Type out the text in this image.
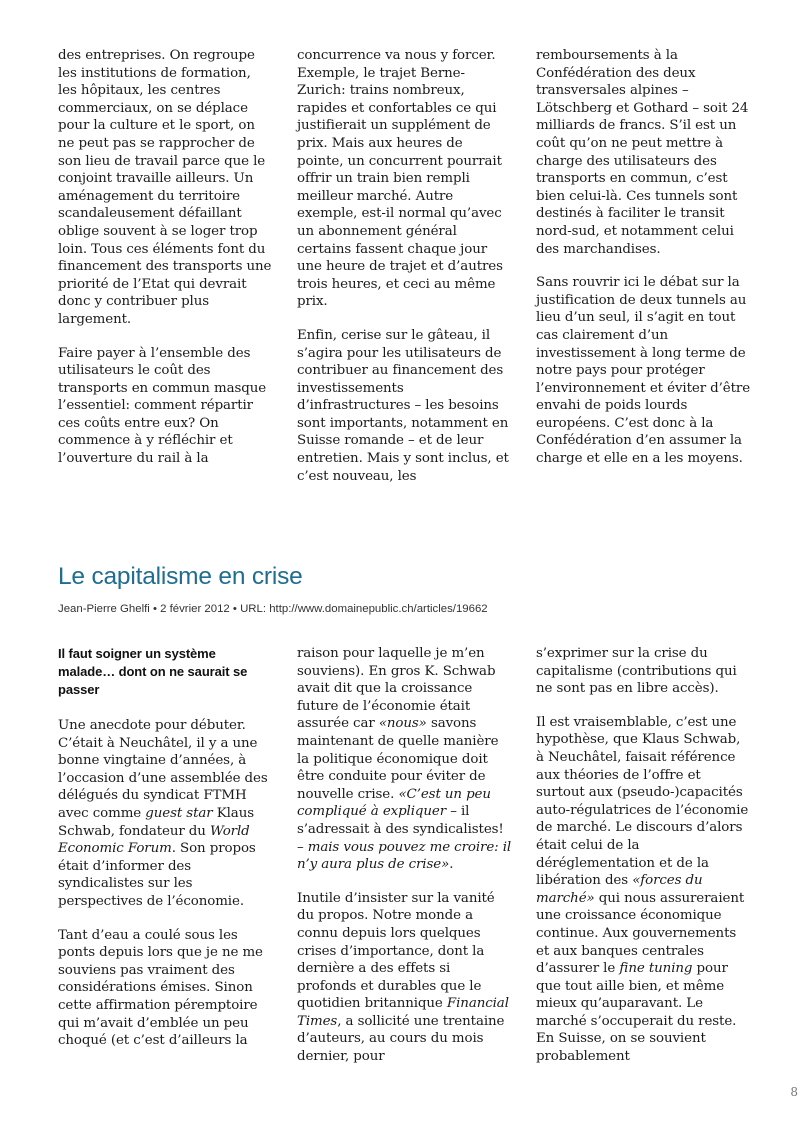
des entreprises. On regroupe les institutions de formation, les hôpitaux, les centres commerciaux, on se déplace pour la culture et le sport, on ne peut pas se rapprocher de son lieu de travail parce que le conjoint travaille ailleurs. Un aménagement du territoire scandaleusement défaillant oblige souvent à se loger trop loin. Tous ces éléments font du financement des transports une priorité de l’Etat qui devrait donc y contribuer plus largement.

Faire payer à l’ensemble des utilisateurs le coût des transports en commun masque l’essentiel: comment répartir ces coûts entre eux? On commence à y réfléchir et l’ouverture du rail à la

concurrence va nous y forcer. Exemple, le trajet Berne-Zurich: trains nombreux, rapides et confortables ce qui justifierait un supplément de prix. Mais aux heures de pointe, un concurrent pourrait offrir un train bien rempli meilleur marché. Autre exemple, est-il normal qu’avec un abonnement général certains fassent chaque jour une heure de trajet et d’autres trois heures, et ceci au même prix.

Enfin, cerise sur le gâteau, il s’agira pour les utilisateurs de contribuer au financement des investissements d’infrastructures – les besoins sont importants, notamment en Suisse romande – et de leur entretien. Mais y sont inclus, et c’est nouveau, les

remboursements à la Confédération des deux transversales alpines – Lötschberg et Gothard – soit 24 milliards de francs. S’il est un coût qu’on ne peut mettre à charge des utilisateurs des transports en commun, c’est bien celui-là. Ces tunnels sont destinés à faciliter le transit nord-sud, et notamment celui des marchandises.

Sans rouvrir ici le débat sur la justification de deux tunnels au lieu d’un seul, il s’agit en tout cas clairement d’un investissement à long terme de notre pays pour protéger l’environnement et éviter d’être envahi de poids lourds européens. C’est donc à la Confédération d’en assumer la charge et elle en a les moyens.

Le capitalisme en crise
Jean-Pierre Ghelfi • 2 février 2012 • URL: http://www.domainepublic.ch/articles/19662

Il faut soigner un système malade… dont on ne saurait se passer

Une anecdote pour débuter. C’était à Neuchâtel, il y a une bonne vingtaine d’années, à l’occasion d’une assemblée des délégués du syndicat FTMH avec comme guest star Klaus Schwab, fondateur du World Economic Forum. Son propos était d’informer des syndicalistes sur les perspectives de l’économie.

Tant d’eau a coulé sous les ponts depuis lors que je ne me souviens pas vraiment des considérations émises. Sinon cette affirmation péremptoire qui m’avait d’emblée un peu choqué (et c’est d’ailleurs la

raison pour laquelle je m’en souviens). En gros K. Schwab avait dit que la croissance future de l’économie était assurée car «nous» savons maintenant de quelle manière la politique économique doit être conduite pour éviter de nouvelle crise. «C’est un peu compliqué à expliquer – il s’adressait à des syndicalistes! – mais vous pouvez me croire: il n’y aura plus de crise».

Inutile d’insister sur la vanité du propos. Notre monde a connu depuis lors quelques crises d’importance, dont la dernière a des effets si profonds et durables que le quotidien britannique Financial Times, a sollicité une trentaine d’auteurs, au cours du mois dernier, pour

s’exprimer sur la crise du capitalisme (contributions qui ne sont pas en libre accès).

Il est vraisemblable, c’est une hypothèse, que Klaus Schwab, à Neuchâtel, faisait référence aux théories de l’offre et surtout aux (pseudo-)capacités auto-régulatrices de l’économie de marché. Le discours d’alors était celui de la déréglementation et de la libération des «forces du marché» qui nous assureraient une croissance économique continue. Aux gouvernements et aux banques centrales d’assurer le fine tuning pour que tout aille bien, et même mieux qu’auparavant. Le marché s’occuperait du reste. En Suisse, on se souvient probablement

8
